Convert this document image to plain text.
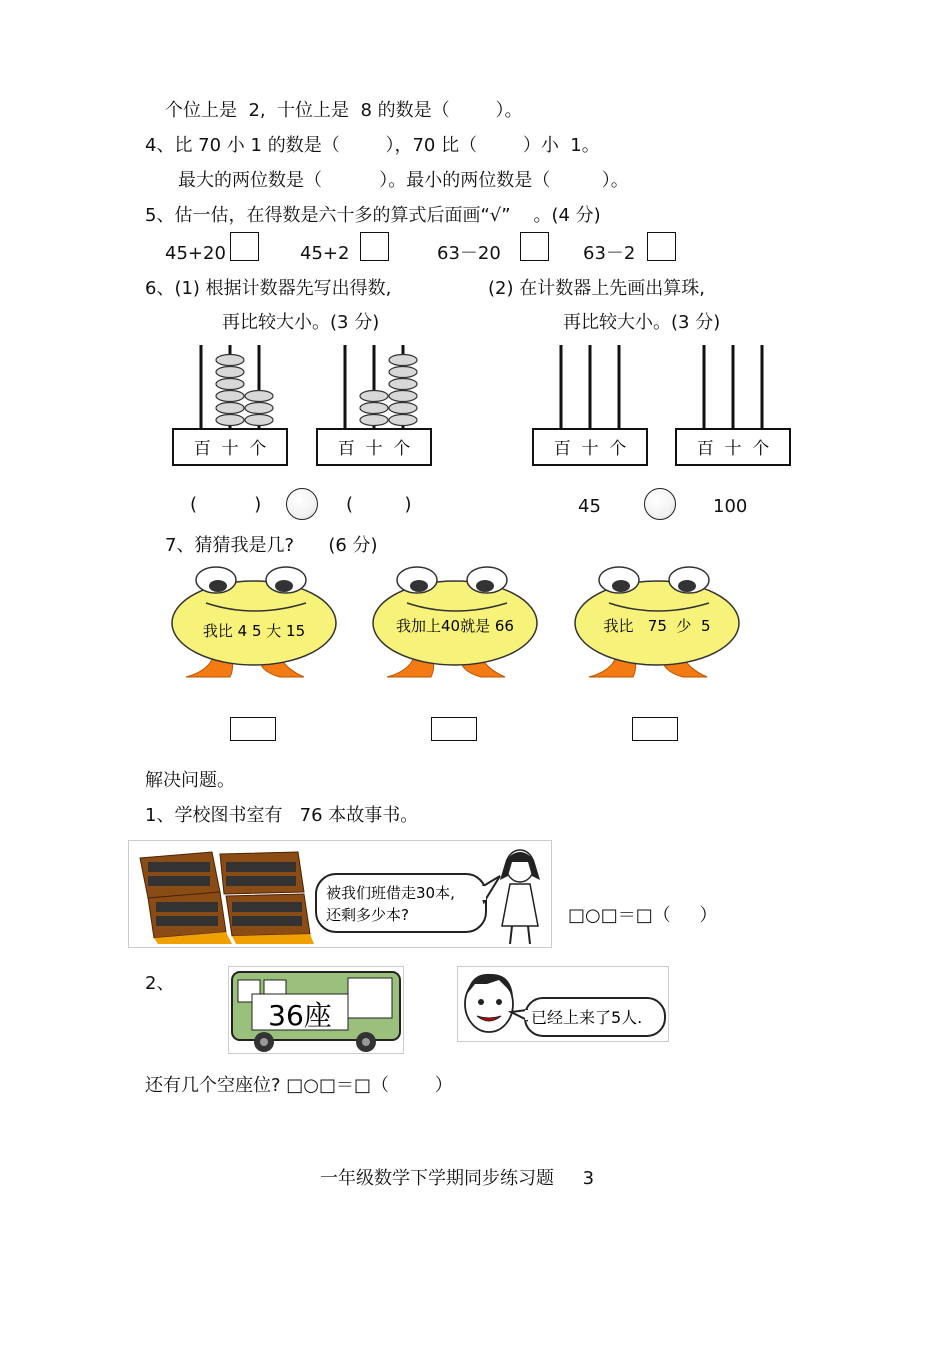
个位上是  2,  十位上是  8 的数是（        ）。
4、比 70 小 1 的数是（        ），70 比（        ）小  1。
最大的两位数是（          ）。最小的两位数是（         ）。
5、估一估，在得数是六十多的算式后面画“√”    。(4 分)
45+20	45+2	63－20	63－2
6、(1) 根据计数器先写出得数,
再比较大小。(3 分)
(2) 在计数器上先画出算珠,
再比较大小。(3 分)
百  十  个	百  十  个	百  十  个	百  十  个
(          )	(         )	45	100
7、猜猜我是几?      (6 分)
我比 4 5 大 15	我加上40就是 66	我比   75  少  5
解决问题。
1、学校图书室有   76 本故事书。
被我们班借走30本,
还剩多少本?	□○□＝□（     ）
2、
36座	已经上来了5人.
还有几个空座位? □○□＝□（        ）
一年级数学下学期同步练习题     3
